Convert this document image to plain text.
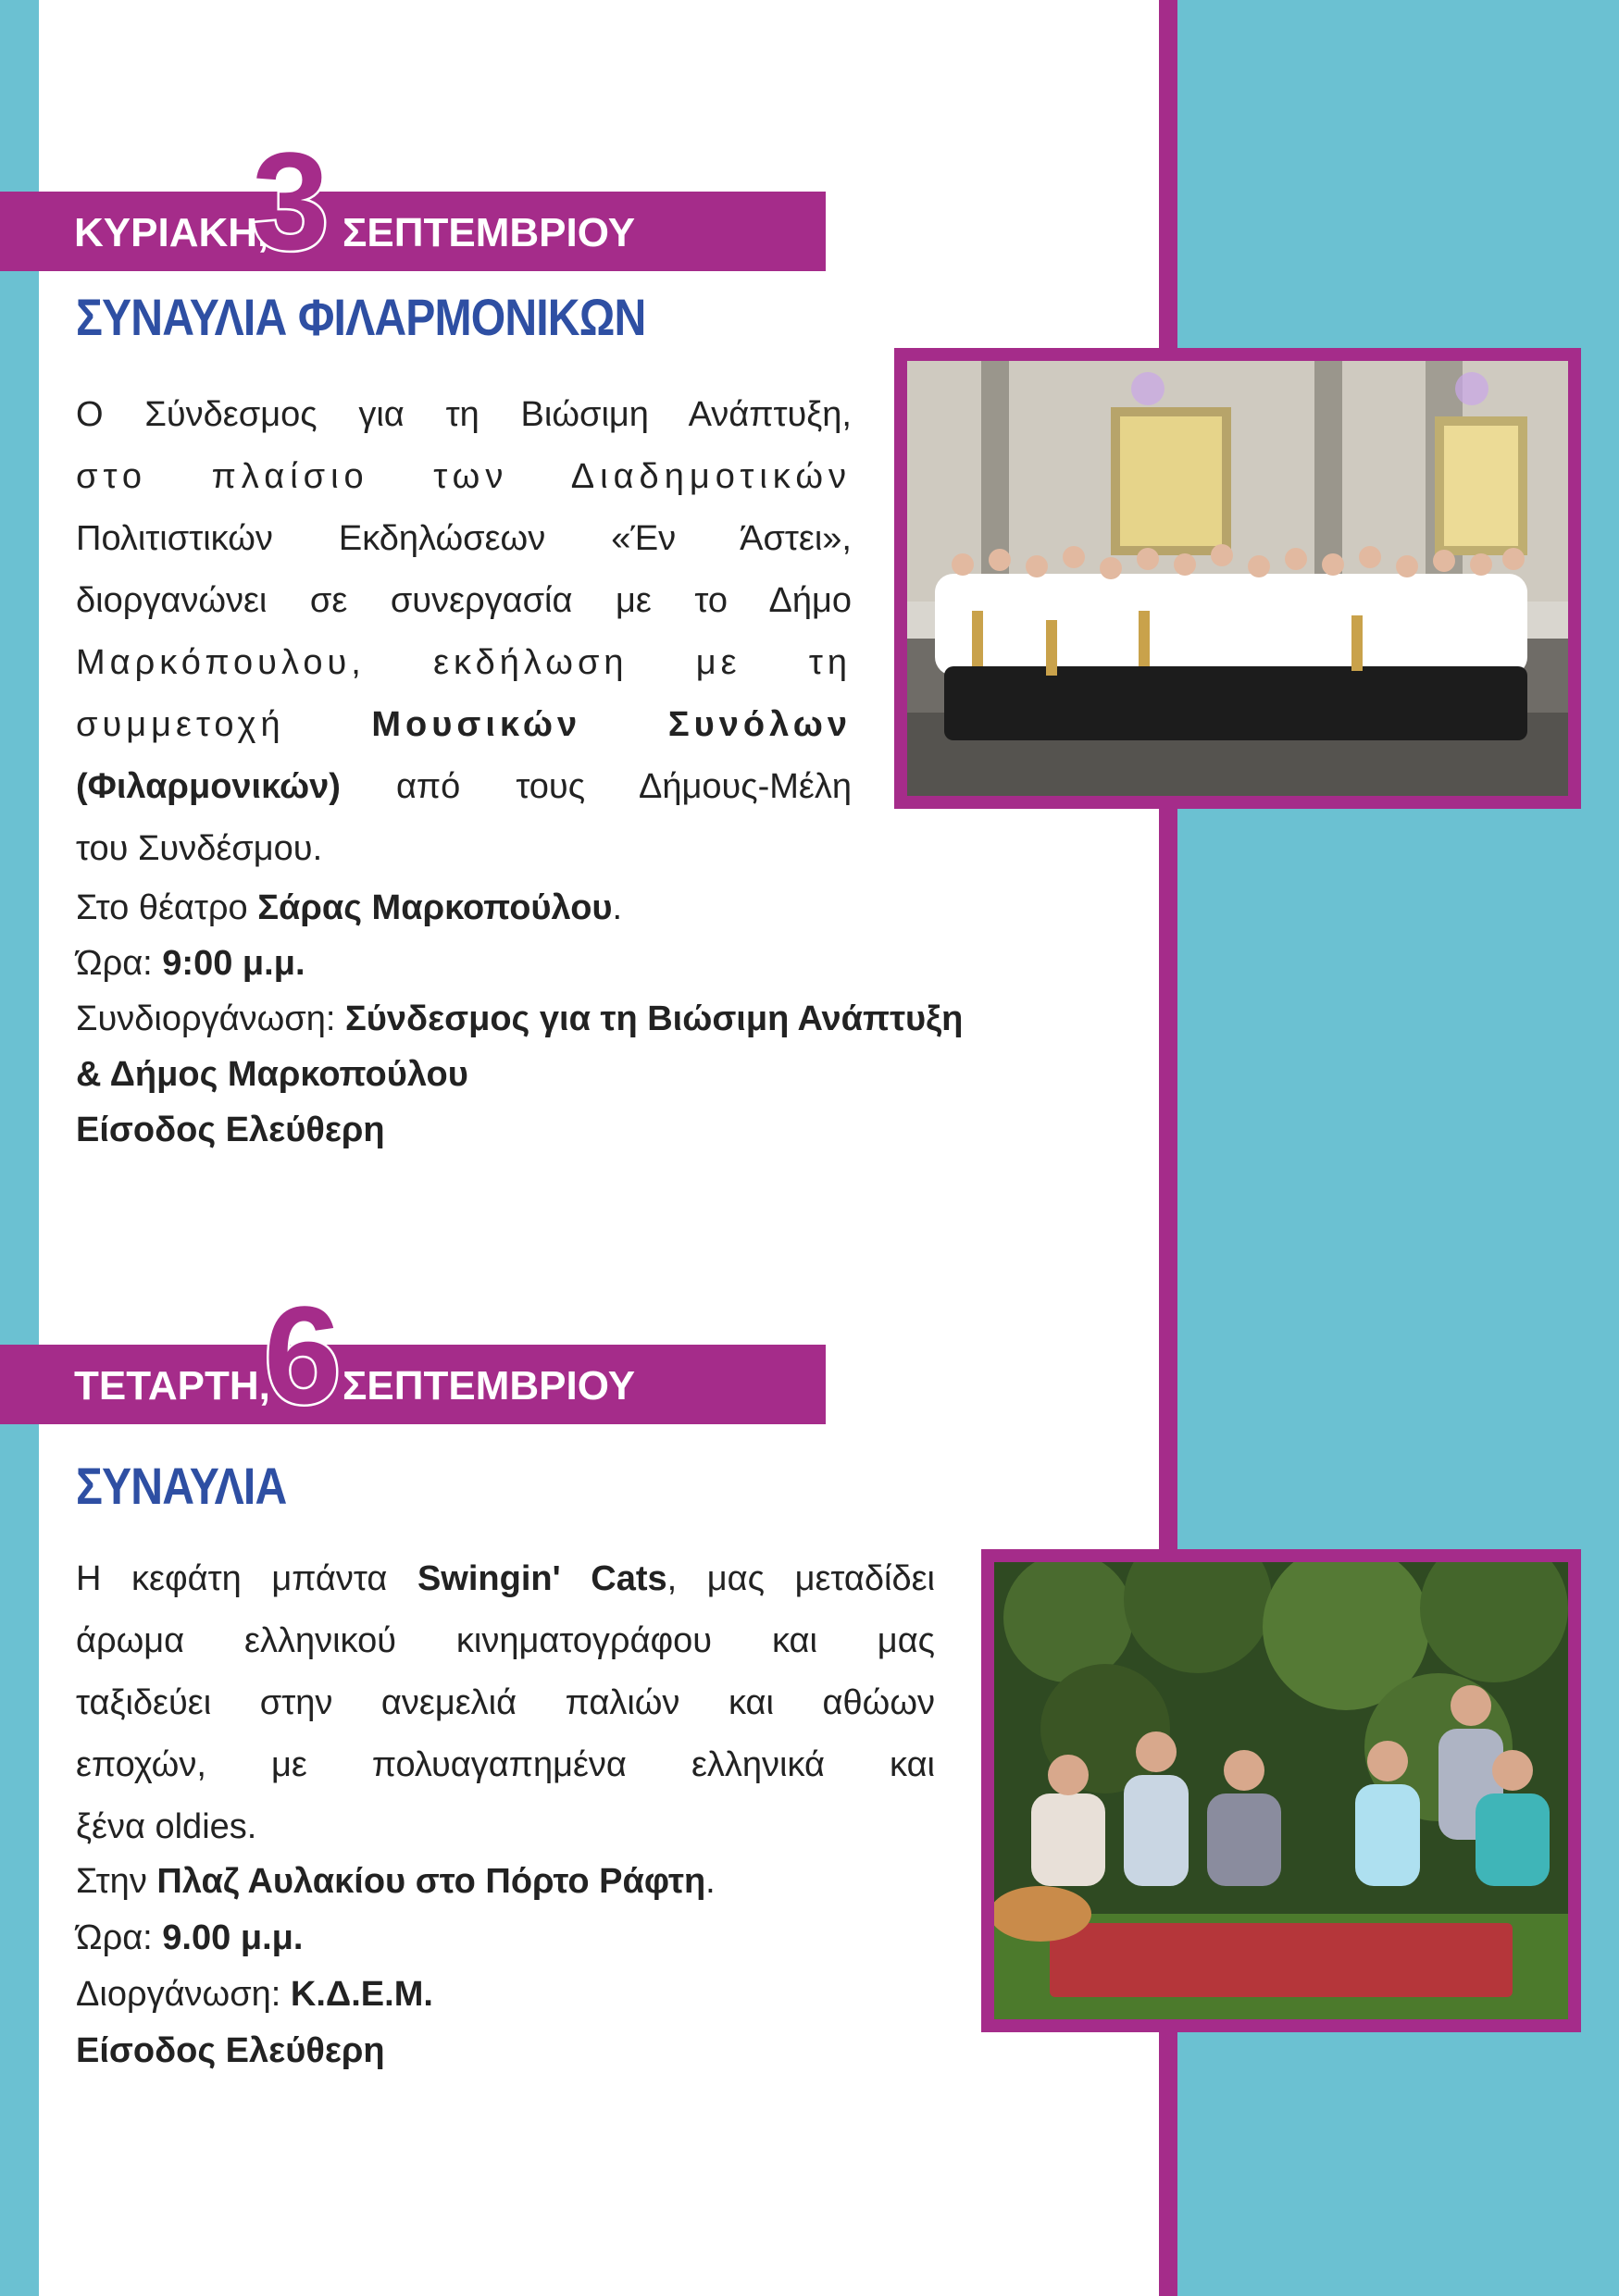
ΚΥΡΙΑΚΗ, ΣΕΠΤΕΜΒΡΙΟΥ
3
ΣΥΝΑΥΛΙΑ ΦΙΛΑΡΜΟΝΙΚΩΝ
Ο Σύνδεσμος για τη Βιώσιμη Ανάπτυξη,
στο πλαίσιο των Διαδημοτικών
Πολιτιστικών Εκδηλώσεων «Έν Άστει»,
διοργανώνει σε συνεργασία με το Δήμο
Μαρκόπουλου, εκδήλωση με τη
συμμετοχή Μουσικών Συνόλων
(Φιλαρμονικών) από τους Δήμους-Μέλη
του Συνδέσμου.
Στο θέατρο Σάρας Μαρκοπούλου.
Ώρα: 9:00 μ.μ.
Συνδιοργάνωση: Σύνδεσμος για τη Βιώσιμη Ανάπτυξη
& Δήμος Μαρκοπούλου
Είσοδος Ελεύθερη
ΤΕΤΑΡΤΗ, ΣΕΠΤΕΜΒΡΙΟΥ
6
ΣΥΝΑΥΛΙΑ
Η κεφάτη μπάντα Swingin' Cats, μας μεταδίδει
άρωμα ελληνικού κινηματογράφου και μας
ταξιδεύει στην ανεμελιά παλιών και αθώων
εποχών, με πολυαγαπημένα ελληνικά και
ξένα oldies.
Στην Πλαζ Αυλακίου στο Πόρτο Ράφτη.
Ώρα: 9.00 μ.μ.
Διοργάνωση: Κ.Δ.Ε.Μ.
Είσοδος Ελεύθερη
